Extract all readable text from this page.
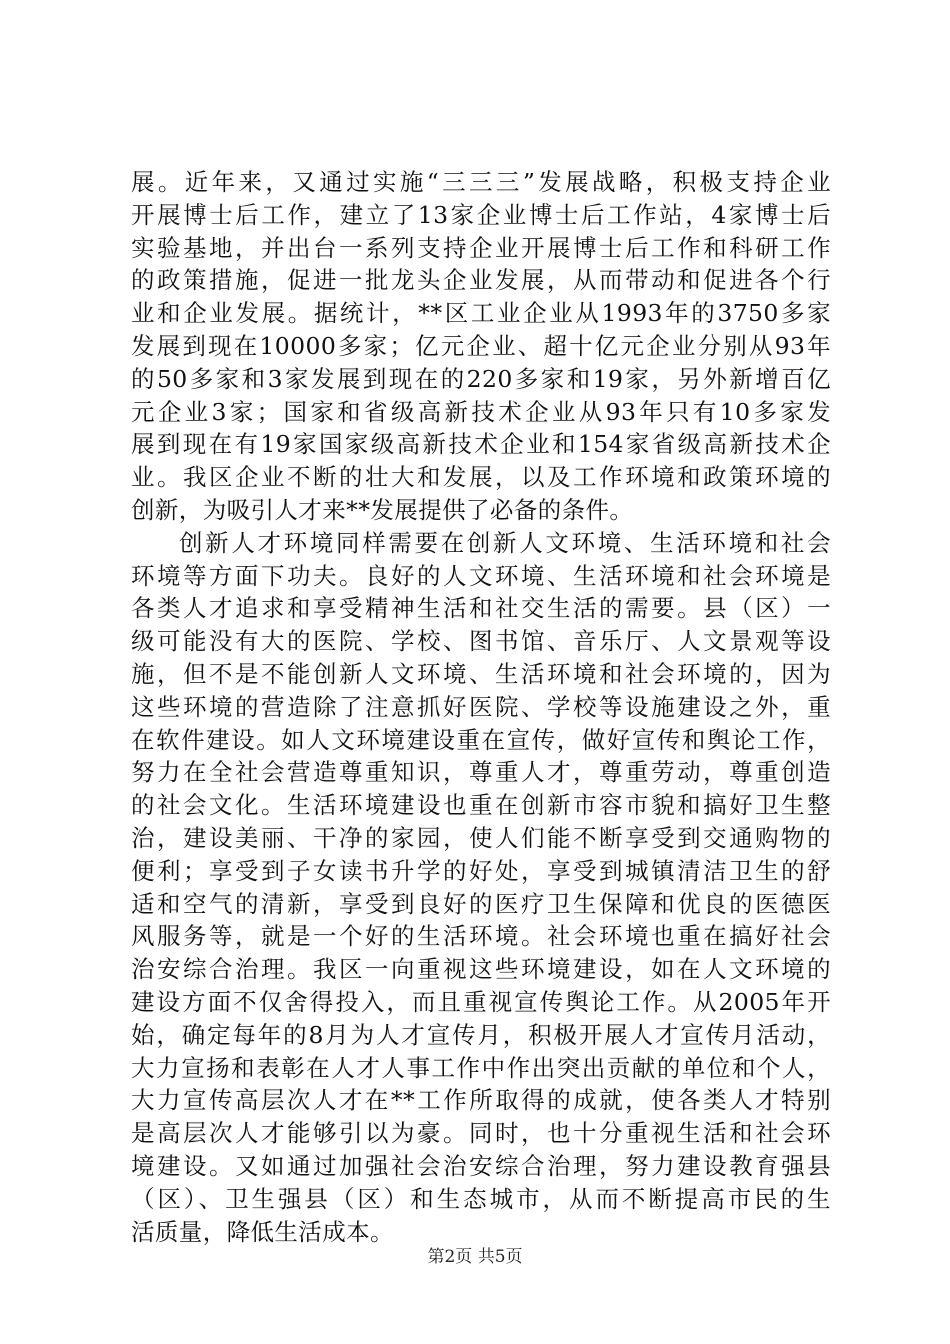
展。近年来，又通过实施“三三三”发展战略，积极支持企业
开展博士后工作，建立了13家企业博士后工作站，4家博士后
实验基地，并出台一系列支持企业开展博士后工作和科研工作
的政策措施，促进一批龙头企业发展，从而带动和促进各个行
业和企业发展。据统计，**区工业企业从1993年的3750多家
发展到现在10000多家；亿元企业、超十亿元企业分别从93年
的50多家和3家发展到现在的220多家和19家，另外新增百亿
元企业3家；国家和省级高新技术企业从93年只有10多家发
展到现在有19家国家级高新技术企业和154家省级高新技术企
业。我区企业不断的壮大和发展，以及工作环境和政策环境的
创新，为吸引人才来**发展提供了必备的条件。
创新人才环境同样需要在创新人文环境、生活环境和社会
环境等方面下功夫。良好的人文环境、生活环境和社会环境是
各类人才追求和享受精神生活和社交生活的需要。县（区）一
级可能没有大的医院、学校、图书馆、音乐厅、人文景观等设
施，但不是不能创新人文环境、生活环境和社会环境的，因为
这些环境的营造除了注意抓好医院、学校等设施建设之外，重
在软件建设。如人文环境建设重在宣传，做好宣传和舆论工作，
努力在全社会营造尊重知识，尊重人才，尊重劳动，尊重创造
的社会文化。生活环境建设也重在创新市容市貌和搞好卫生整
治，建设美丽、干净的家园，使人们能不断享受到交通购物的
便利；享受到子女读书升学的好处，享受到城镇清洁卫生的舒
适和空气的清新，享受到良好的医疗卫生保障和优良的医德医
风服务等，就是一个好的生活环境。社会环境也重在搞好社会
治安综合治理。我区一向重视这些环境建设，如在人文环境的
建设方面不仅舍得投入，而且重视宣传舆论工作。从2005年开
始，确定每年的8月为人才宣传月，积极开展人才宣传月活动，
大力宣扬和表彰在人才人事工作中作出突出贡献的单位和个人，
大力宣传高层次人才在**工作所取得的成就，使各类人才特别
是高层次人才能够引以为豪。同时，也十分重视生活和社会环
境建设。又如通过加强社会治安综合治理，努力建设教育强县
（区）、卫生强县（区）和生态城市，从而不断提高市民的生
活质量，降低生活成本。
第2页 共5页
